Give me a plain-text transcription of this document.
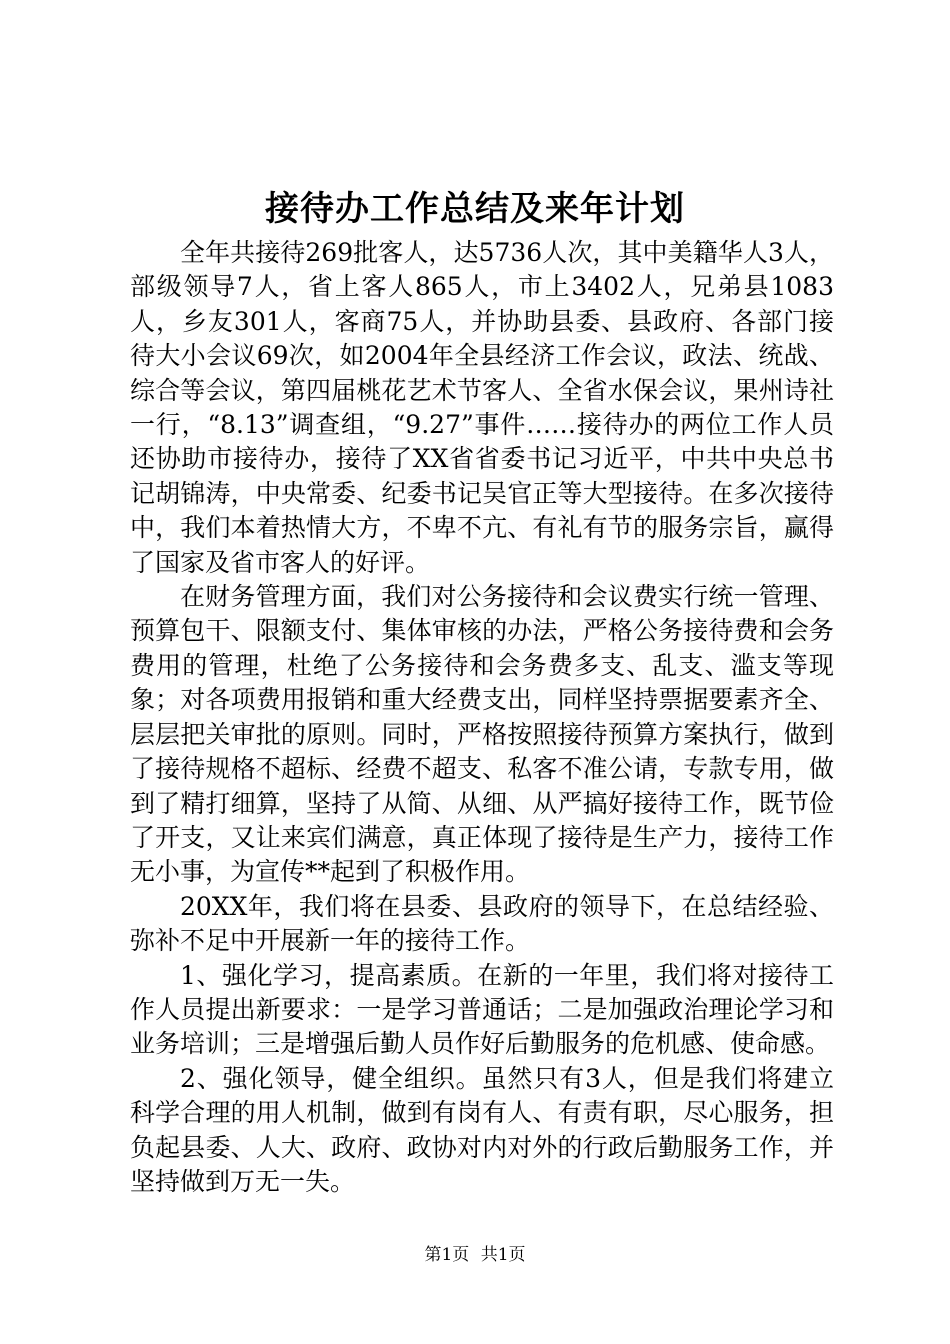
接待办工作总结及来年计划

全年共接待269批客人，达5736人次，其中美籍华人3人，部级领导7人，省上客人865人，市上3402人，兄弟县1083人，乡友301人，客商75人，并协助县委、县政府、各部门接待大小会议69次，如2004年全县经济工作会议，政法、统战、综合等会议，第四届桃花艺术节客人、全省水保会议，果州诗社一行，“8.13”调查组，“9.27”事件……接待办的两位工作人员还协助市接待办，接待了XX省省委书记习近平，中共中央总书记胡锦涛，中央常委、纪委书记吴官正等大型接待。在多次接待中，我们本着热情大方，不卑不亢、有礼有节的服务宗旨，赢得了国家及省市客人的好评。

在财务管理方面，我们对公务接待和会议费实行统一管理、预算包干、限额支付、集体审核的办法，严格公务接待费和会务费用的管理，杜绝了公务接待和会务费多支、乱支、滥支等现象；对各项费用报销和重大经费支出，同样坚持票据要素齐全、层层把关审批的原则。同时，严格按照接待预算方案执行，做到了接待规格不超标、经费不超支、私客不准公请，专款专用，做到了精打细算，坚持了从简、从细、从严搞好接待工作，既节俭了开支，又让来宾们满意，真正体现了接待是生产力，接待工作无小事，为宣传**起到了积极作用。

20XX年，我们将在县委、县政府的领导下，在总结经验、弥补不足中开展新一年的接待工作。

1、强化学习，提高素质。在新的一年里，我们将对接待工作人员提出新要求：一是学习普通话；二是加强政治理论学习和业务培训；三是增强后勤人员作好后勤服务的危机感、使命感。

2、强化领导，健全组织。虽然只有3人，但是我们将建立科学合理的用人机制，做到有岗有人、有责有职，尽心服务，担负起县委、人大、政府、政协对内对外的行政后勤服务工作，并坚持做到万无一失。

第1页 共1页
